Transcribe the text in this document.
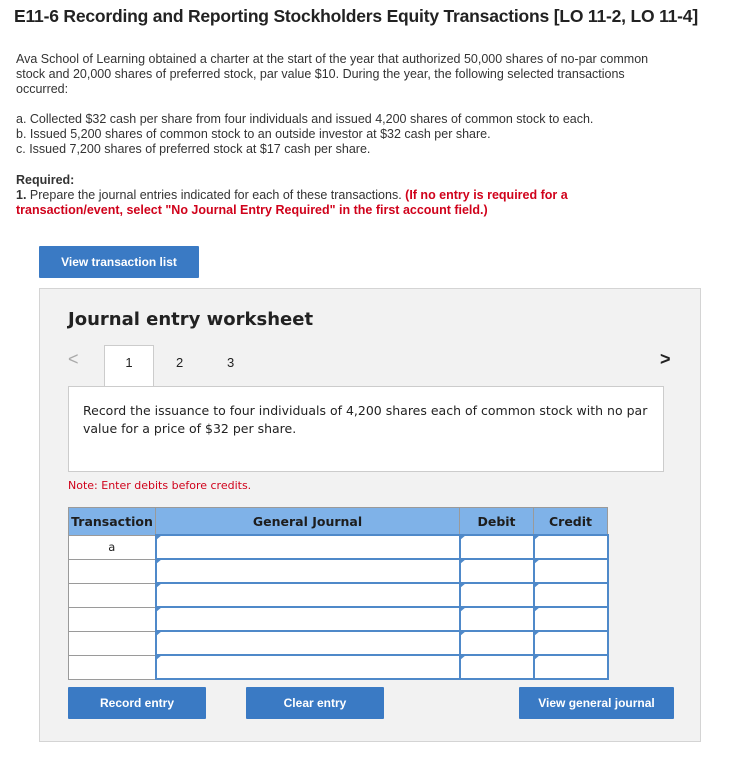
E11-6 Recording and Reporting Stockholders Equity Transactions [LO 11-2, LO 11-4]
Ava School of Learning obtained a charter at the start of the year that authorized 50,000 shares of no-par common stock and 20,000 shares of preferred stock, par value $10. During the year, the following selected transactions occurred:
a. Collected $32 cash per share from four individuals and issued 4,200 shares of common stock to each.
b. Issued 5,200 shares of common stock to an outside investor at $32 cash per share.
c. Issued 7,200 shares of preferred stock at $17 cash per share.
Required:
1. Prepare the journal entries indicated for each of these transactions. (If no entry is required for a transaction/event, select "No Journal Entry Required" in the first account field.)
View transaction list
Journal entry worksheet
<	1	2	3	>
Record the issuance to four individuals of 4,200 shares each of common stock with no par value for a price of $32 per share.
Note: Enter debits before credits.
Transaction	General Journal	Debit	Credit
a			

Record entry	Clear entry	View general journal
